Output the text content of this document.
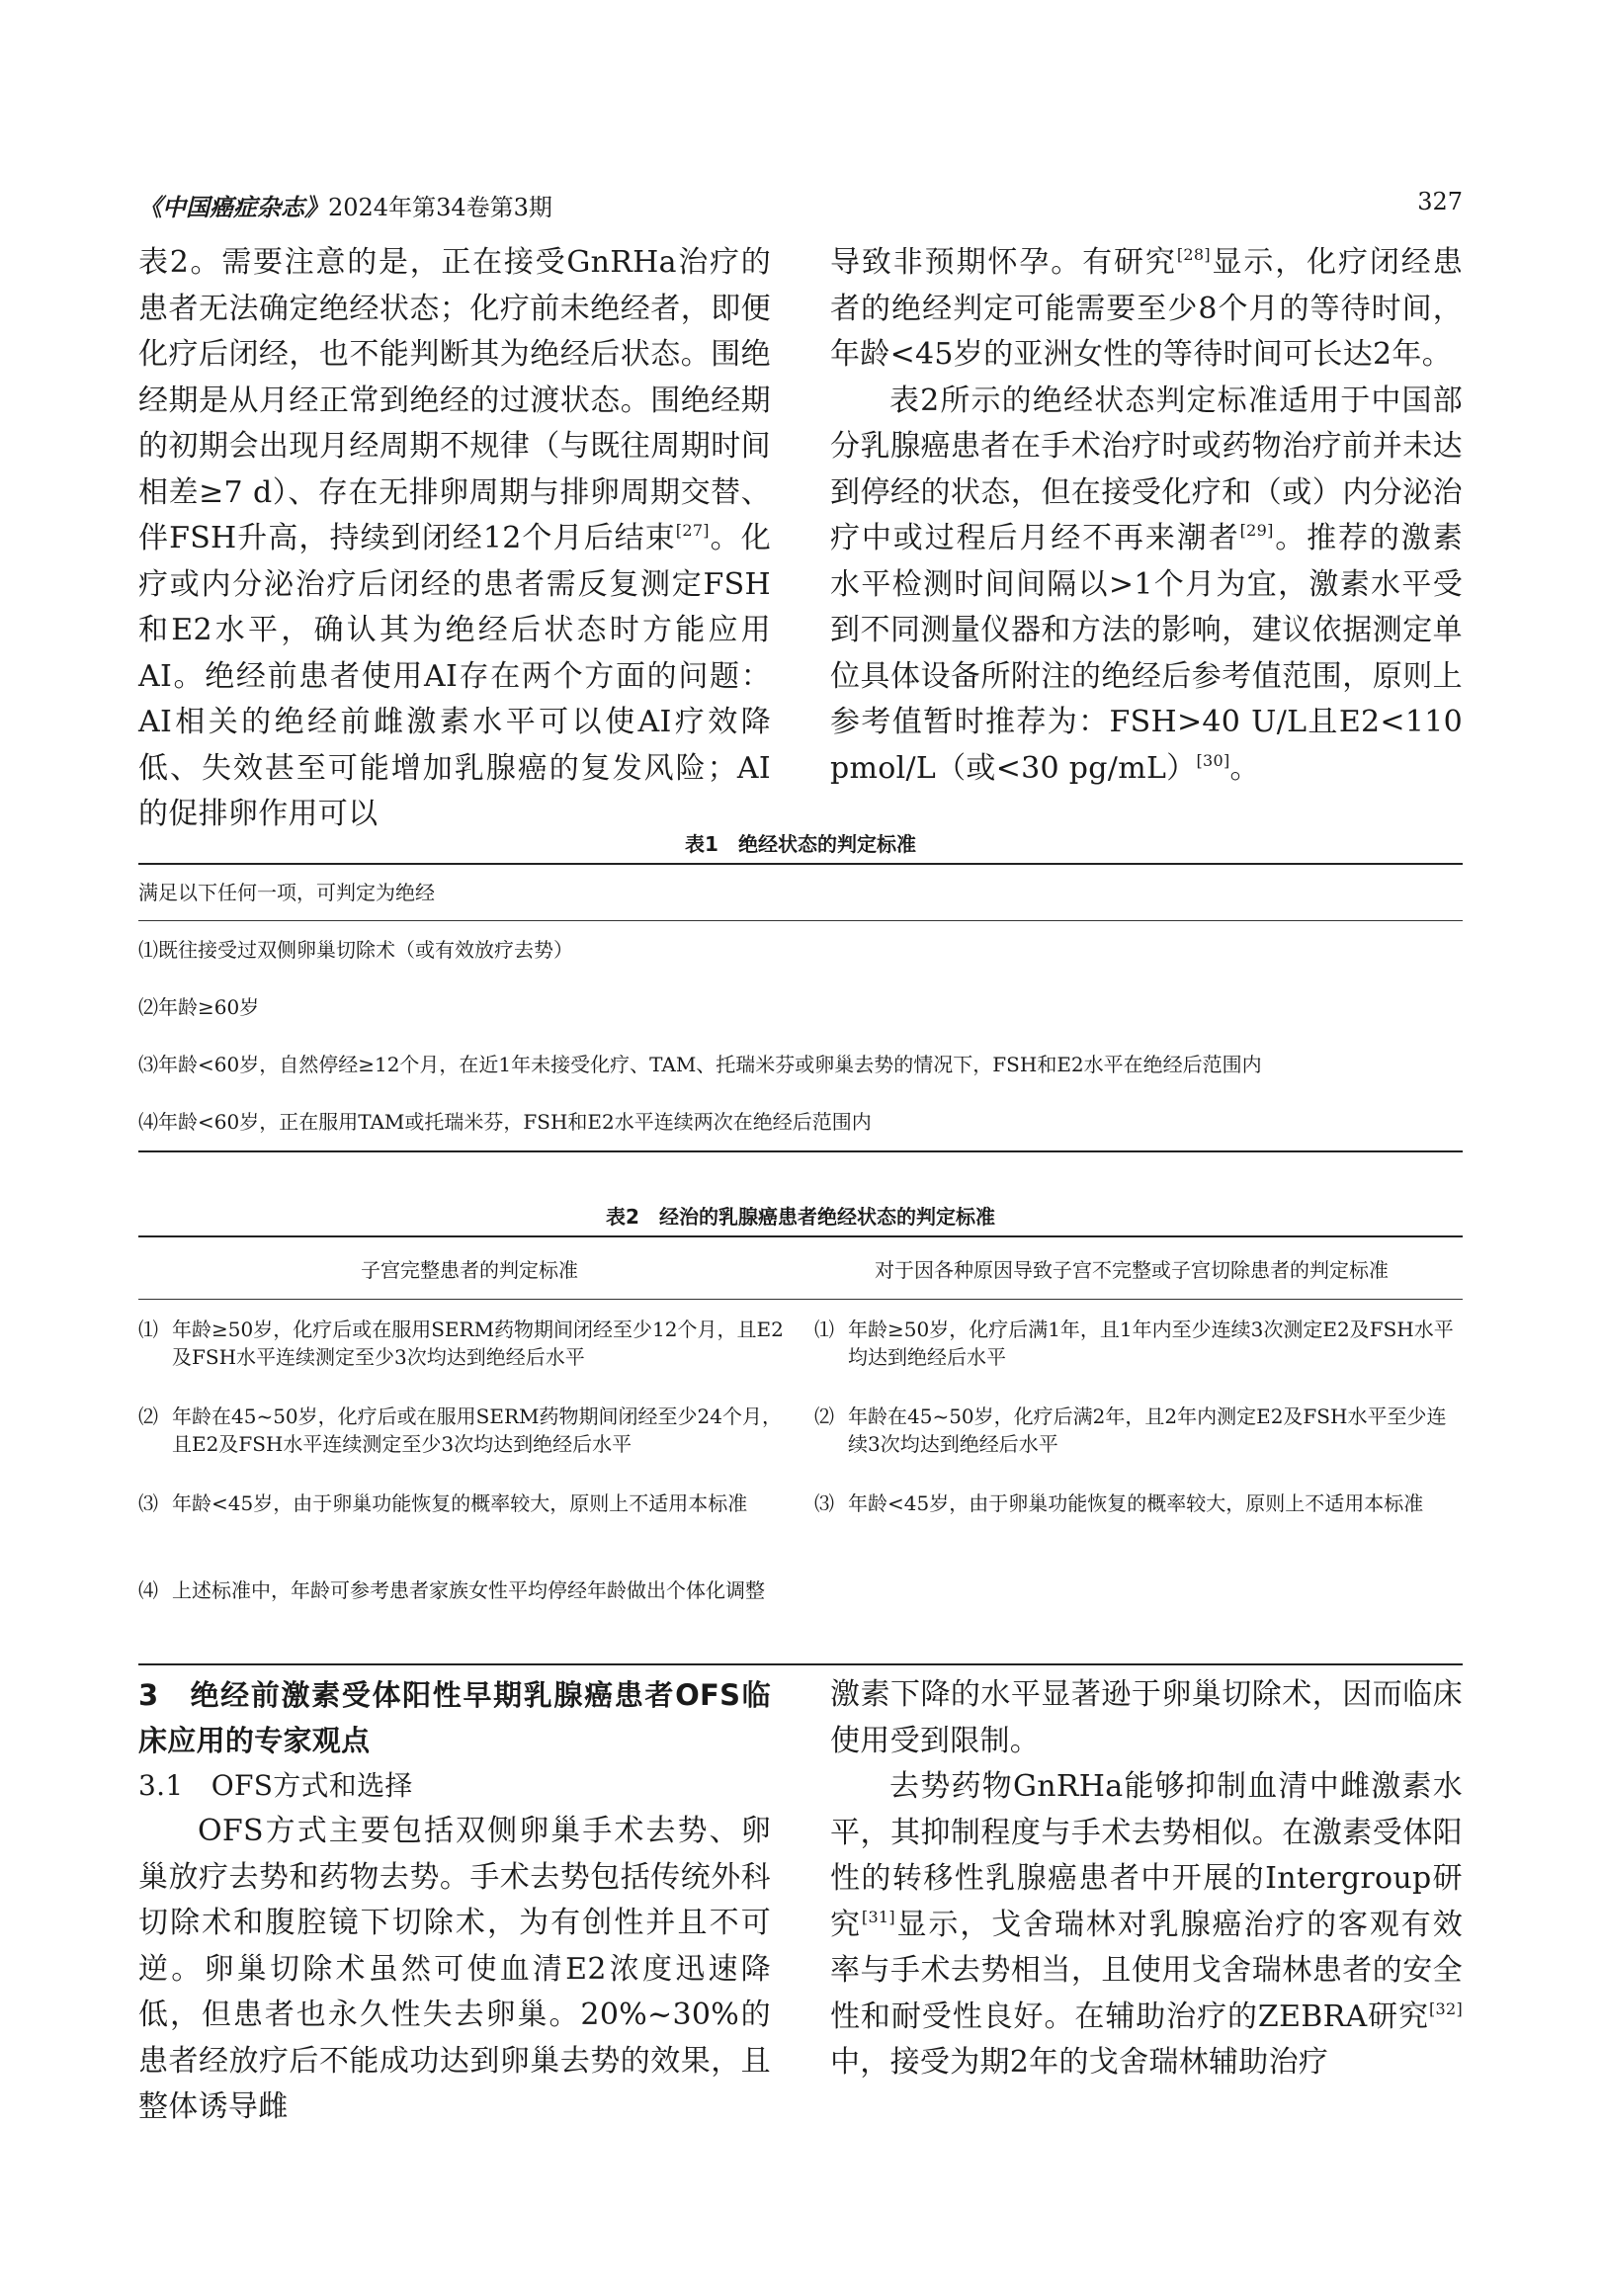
《中国癌症杂志》2024年第34卷第3期	327

表2。需要注意的是，正在接受GnRHa治疗的患者无法确定绝经状态；化疗前未绝经者，即便化疗后闭经，也不能判断其为绝经后状态。围绝经期是从月经正常到绝经的过渡状态。围绝经期的初期会出现月经周期不规律（与既往周期时间相差≥7 d）、存在无排卵周期与排卵周期交替、伴FSH升高，持续到闭经12个月后结束[27]。化疗或内分泌治疗后闭经的患者需反复测定FSH和E2水平，确认其为绝经后状态时方能应用AI。绝经前患者使用AI存在两个方面的问题：AI相关的绝经前雌激素水平可以使AI疗效降低、失效甚至可能增加乳腺癌的复发风险；AI的促排卵作用可以

导致非预期怀孕。有研究[28]显示，化疗闭经患者的绝经判定可能需要至少8个月的等待时间，年龄<45岁的亚洲女性的等待时间可长达2年。

表2所示的绝经状态判定标准适用于中国部分乳腺癌患者在手术治疗时或药物治疗前并未达到停经的状态，但在接受化疗和（或）内分泌治疗中或过程后月经不再来潮者[29]。推荐的激素水平检测时间间隔以>1个月为宜，激素水平受到不同测量仪器和方法的影响，建议依据测定单位具体设备所附注的绝经后参考值范围，原则上参考值暂时推荐为：FSH>40 U/L且E2<110 pmol/L（或<30 pg/mL）[30]。

表1　绝经状态的判定标准
满足以下任何一项，可判定为绝经
⑴ 既往接受过双侧卵巢切除术（或有效放疗去势）
⑵ 年龄≥60岁
⑶ 年龄<60岁，自然停经≥12个月，在近1年未接受化疗、TAM、托瑞米芬或卵巢去势的情况下，FSH和E2水平在绝经后范围内
⑷ 年龄<60岁，正在服用TAM或托瑞米芬，FSH和E2水平连续两次在绝经后范围内
表2　经治的乳腺癌患者绝经状态的判定标准
子宫完整患者的判定标准	对于因各种原因导致子宫不完整或子宫切除患者的判定标准
⑴ 年龄≥50岁，化疗后或在服用SERM药物期间闭经至少12个月，且E2及FSH水平连续测定至少3次均达到绝经后水平
⑵ 年龄在45~50岁，化疗后或在服用SERM药物期间闭经至少24个月，且E2及FSH水平连续测定至少3次均达到绝经后水平
⑶ 年龄<45岁，由于卵巢功能恢复的概率较大，原则上不适用本标准
⑷ 上述标准中，年龄可参考患者家族女性平均停经年龄做出个体化调整
⑴ 年龄≥50岁，化疗后满1年，且1年内至少连续3次测定E2及FSH水平均达到绝经后水平
⑵ 年龄在45~50岁，化疗后满2年，且2年内测定E2及FSH水平至少连续3次均达到绝经后水平
⑶ 年龄<45岁，由于卵巢功能恢复的概率较大，原则上不适用本标准

3　绝经前激素受体阳性早期乳腺癌患者OFS临床应用的专家观点

3.1　OFS方式和选择

OFS方式主要包括双侧卵巢手术去势、卵巢放疗去势和药物去势。手术去势包括传统外科切除术和腹腔镜下切除术，为有创性并且不可逆。卵巢切除术虽然可使血清E2浓度迅速降低，但患者也永久性失去卵巢。20%~30%的患者经放疗后不能成功达到卵巢去势的效果，且整体诱导雌

激素下降的水平显著逊于卵巢切除术，因而临床使用受到限制。

去势药物GnRHa能够抑制血清中雌激素水平，其抑制程度与手术去势相似。在激素受体阳性的转移性乳腺癌患者中开展的Intergroup研究[31]显示，戈舍瑞林对乳腺癌治疗的客观有效率与手术去势相当，且使用戈舍瑞林患者的安全性和耐受性良好。在辅助治疗的ZEBRA研究[32]中，接受为期2年的戈舍瑞林辅助治疗
